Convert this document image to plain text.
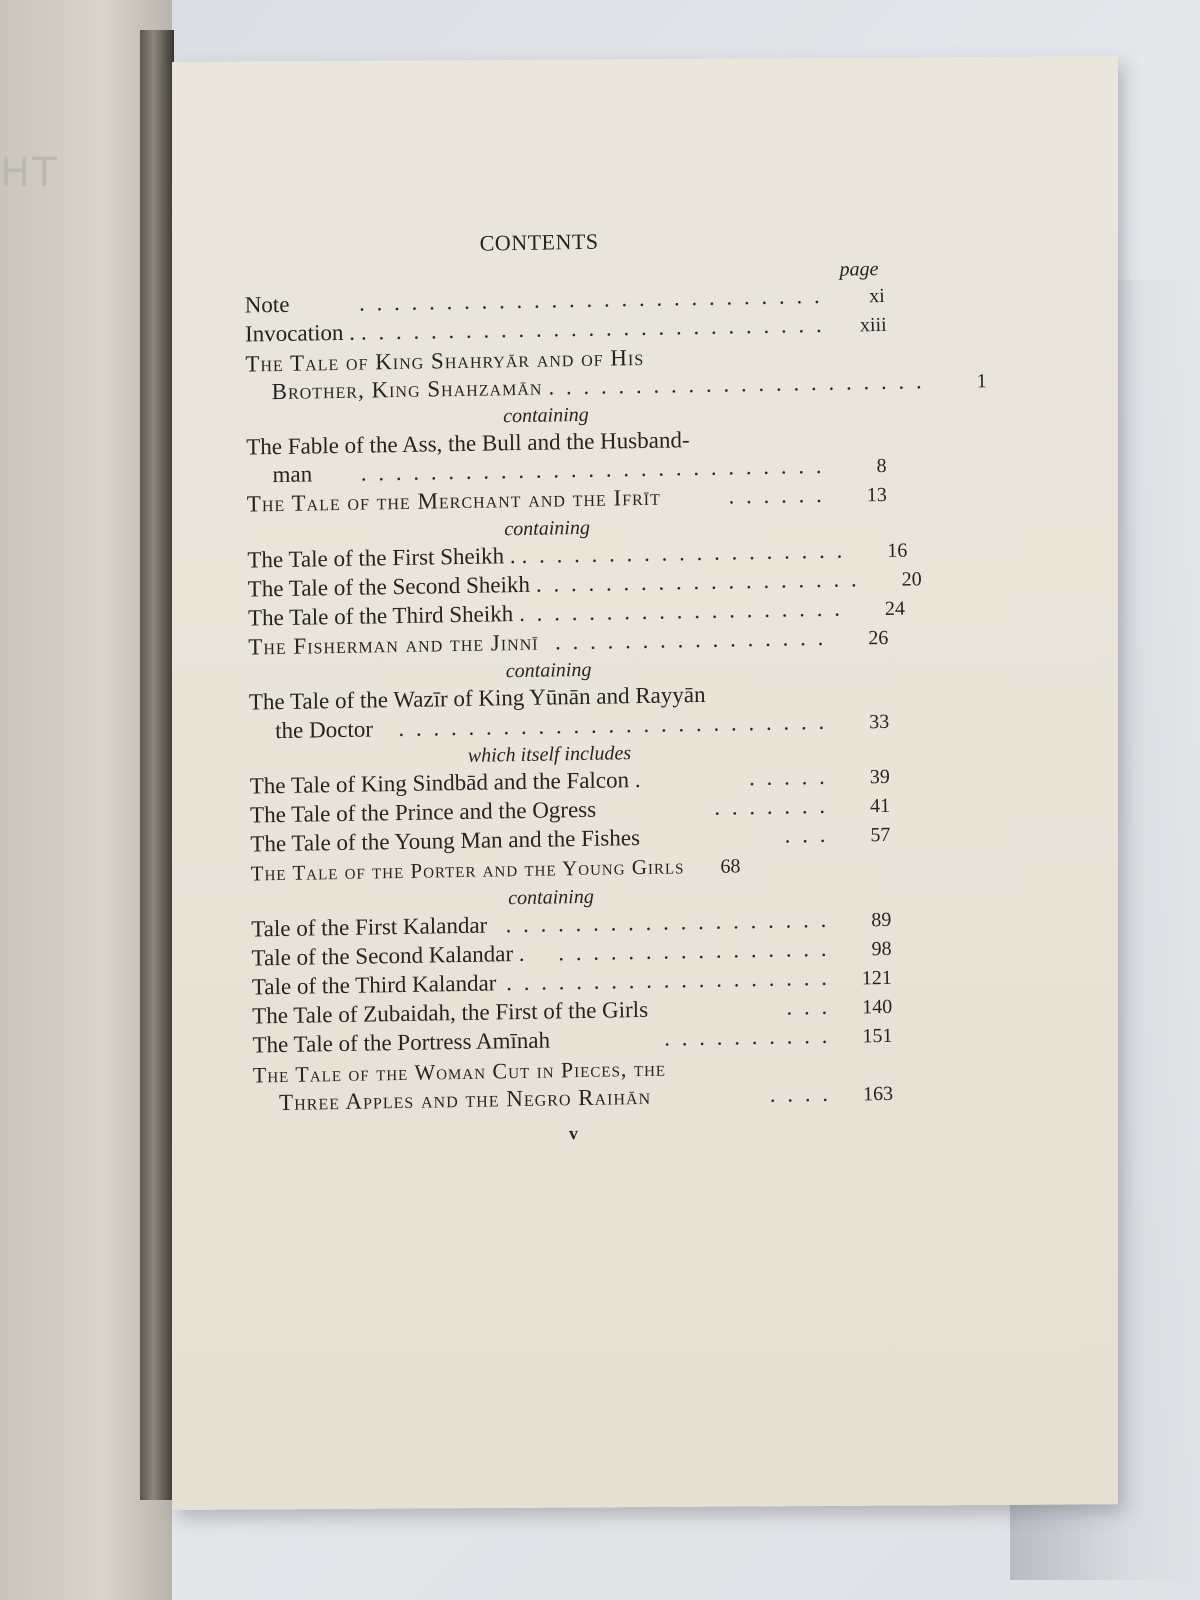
HT
CONTENTS
page
Note	. . . . . . . . . . . . . . . . . . . . . . . . . . .	xi
Invocation . . . . . . . . . . . . . . . . . . . . . . . . . . . .	xiii
The Tale of King Shahryār and of His
Brother, King Shahzamān . . . . . . . . . . . . . . . . . . . . . .	1
containing
The Fable of the Ass, the Bull and the Husband-
man	. . . . . . . . . . . . . . . . . . . . . . . . . . .	8
The Tale of the Merchant and the Ifrīt	. . . . . .	13
containing
The Tale of the First Sheikh . . . . . . . . . . . . . . . . . . . .	16
The Tale of the Second Sheikh . . . . . . . . . . . . . . . . . . .	20
The Tale of the Third Sheikh . . . . . . . . . . . . . . . . . . .	24
The Fisherman and the Jinnī . . . . . . . . . . . . . . . .	26
containing
The Tale of the Wazīr of King Yūnān and Rayyān
the Doctor	. . . . . . . . . . . . . . . . . . . . . . . . .	33
which itself includes
The Tale of King Sindbād and the Falcon .	. . . . .	39
The Tale of the Prince and the Ogress	. . . . . . .	41
The Tale of the Young Man and the Fishes	. . .	57
The Tale of the Porter and the Young Girls	68
containing
Tale of the First Kalandar . . . . . . . . . . . . . . . . . . .	89
Tale of the Second Kalandar .	. . . . . . . . . . . . . . . .	98
Tale of the Third Kalandar . . . . . . . . . . . . . . . . . . .	121
The Tale of Zubaidah, the First of the Girls	. . .	140
The Tale of the Portress Amīnah	. . . . . . . . . .	151
The Tale of the Woman Cut in Pieces, the
Three Apples and the Negro Raihān	. . . .	163
v
